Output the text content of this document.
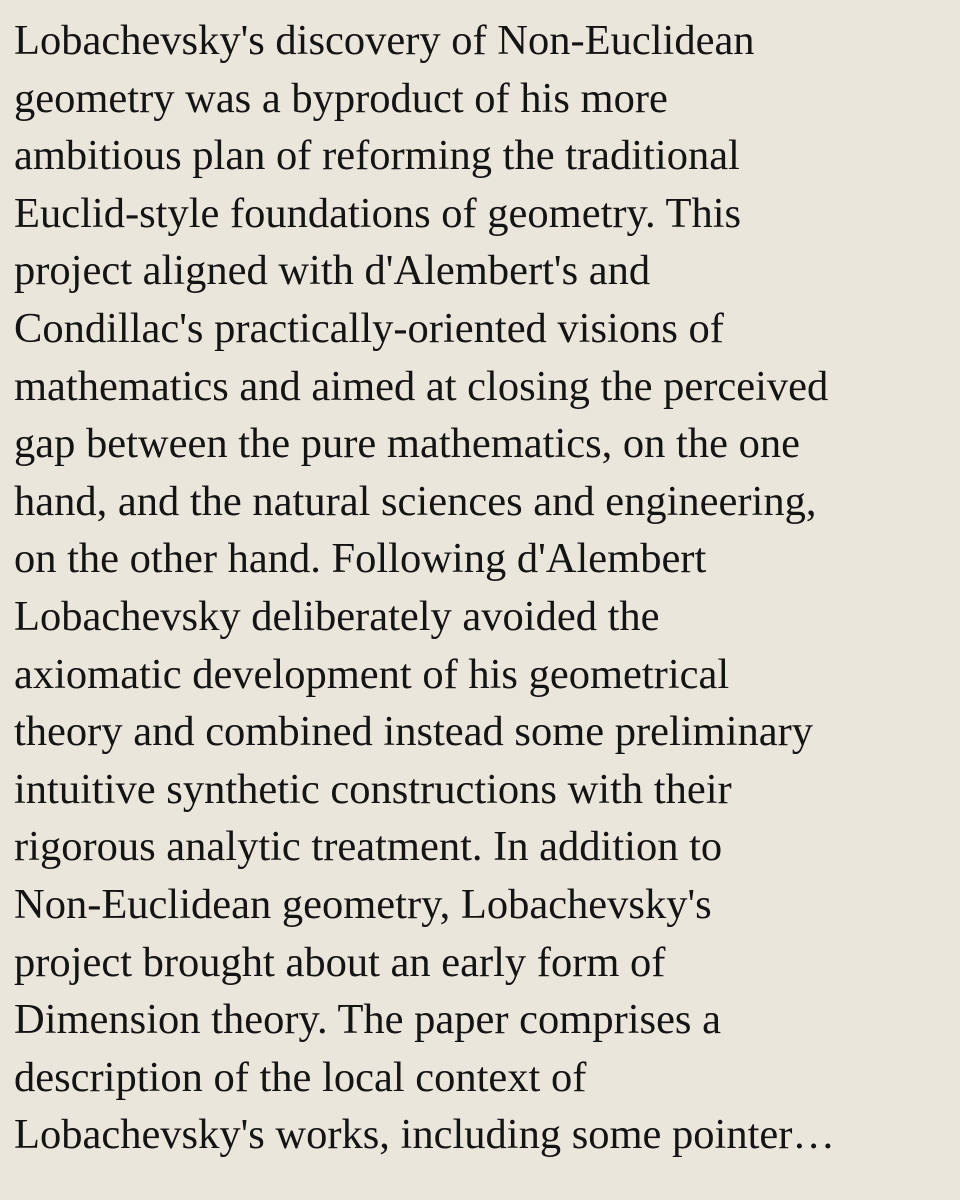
Lobachevsky's discovery of Non-Euclidean
geometry was a byproduct of his more
ambitious plan of reforming the traditional
Euclid-style foundations of geometry. This
project aligned with d'Alembert's and
Condillac's practically-oriented visions of
mathematics and aimed at closing the perceived
gap between the pure mathematics, on the one
hand, and the natural sciences and engineering,
on the other hand. Following d'Alembert
Lobachevsky deliberately avoided the
axiomatic development of his geometrical
theory and combined instead some preliminary
intuitive synthetic constructions with their
rigorous analytic treatment. In addition to
Non-Euclidean geometry, Lobachevsky's
project brought about an early form of
Dimension theory. The paper comprises a
description of the local context of
Lobachevsky's works, including some pointer…
